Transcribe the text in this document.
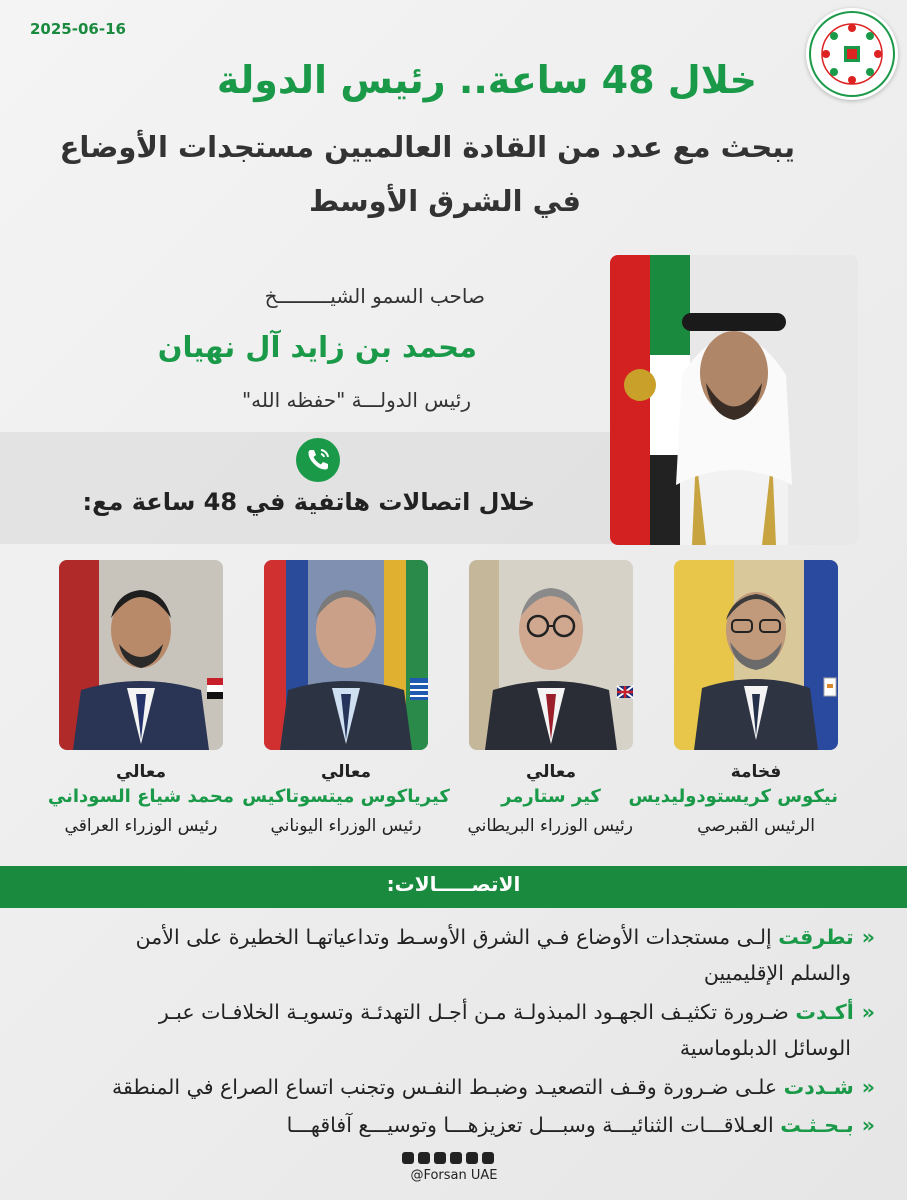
2025-06-16
خلال 48 ساعة.. رئيس الدولة
يبحث مع عدد من القادة العالميين مستجدات الأوضاع
في الشرق الأوسط
صاحب السمو الشيـــــــــخ
محمد بن زايد آل نهيان
رئيس الدولـــة "حفظه الله"
خلال اتصالات هاتفية في 48 ساعة مع:
فخامة
نيكوس كريستودوليديس
الرئيس القبرصي
معالي
كير ستارمر
رئيس الوزراء البريطاني
معالي
كيرياكوس ميتسوتاكيس
رئيس الوزراء اليوناني
معالي
محمد شياع السوداني
رئيس الوزراء العراقي
الاتصـــــالات:
«تطرقت إلـى مستجدات الأوضاع فـي الشرق الأوسـط وتداعياتهـا الخطيرة على الأمن
والسلم الإقليميين
«أكـدت ضـرورة تكثيـف الجهـود المبذولـة مـن أجـل التهدئـة وتسويـة الخلافـات عبـر
الوسائل الدبلوماسية
«شـددت علـى ضـرورة وقـف التصعيـد وضبـط النفـس وتجنب اتساع الصراع في المنطقة
«بـحـثـت العـلاقـــات الثنائيـــة وسبـــل تعزيزهـــا وتوسيـــع آفاقهـــا
@Forsan UAE
